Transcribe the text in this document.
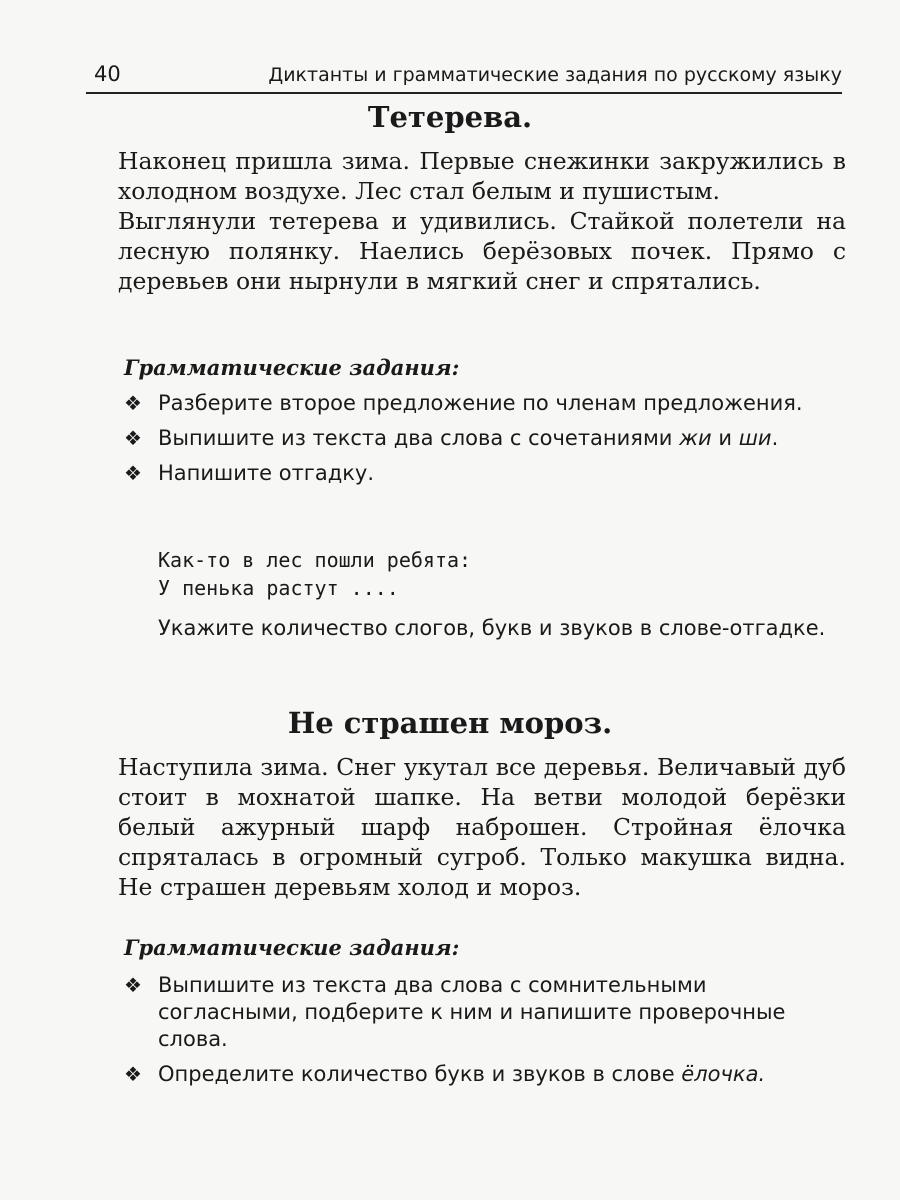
40	Диктанты и грамматические задания по русскому языку
Тетерева.

Наконец пришла зима. Первые снежинки закружились в холодном воздухе. Лес стал белым и пушистым.

Выглянули тетерева и удивились. Стайкой полетели на лесную полянку. Наелись берёзовых почек. Прямо с деревьев они нырнули в мягкий снег и спрятались.

Грамматические задания:
❖ Разберите второе предложение по членам предложения.
❖ Выпишите из текста два слова с сочетаниями жи и ши.
❖ Напишите отгадку.
Как-то в лес пошли ребята:
У пенька растут ....
Укажите количество слогов, букв и звуков в слове-отгадке.
Не страшен мороз.

Наступила зима. Снег укутал все деревья. Величавый дуб стоит в мохнатой шапке. На ветви молодой берёзки белый ажурный шарф наброшен. Стройная ёлочка спряталась в огромный сугроб. Только макушка видна. Не страшен деревьям холод и мороз.

Грамматические задания:
❖ Выпишите из текста два слова с сомнительными согласными, подберите к ним и напишите проверочные слова.
❖ Определите количество букв и звуков в слове ёлочка.
